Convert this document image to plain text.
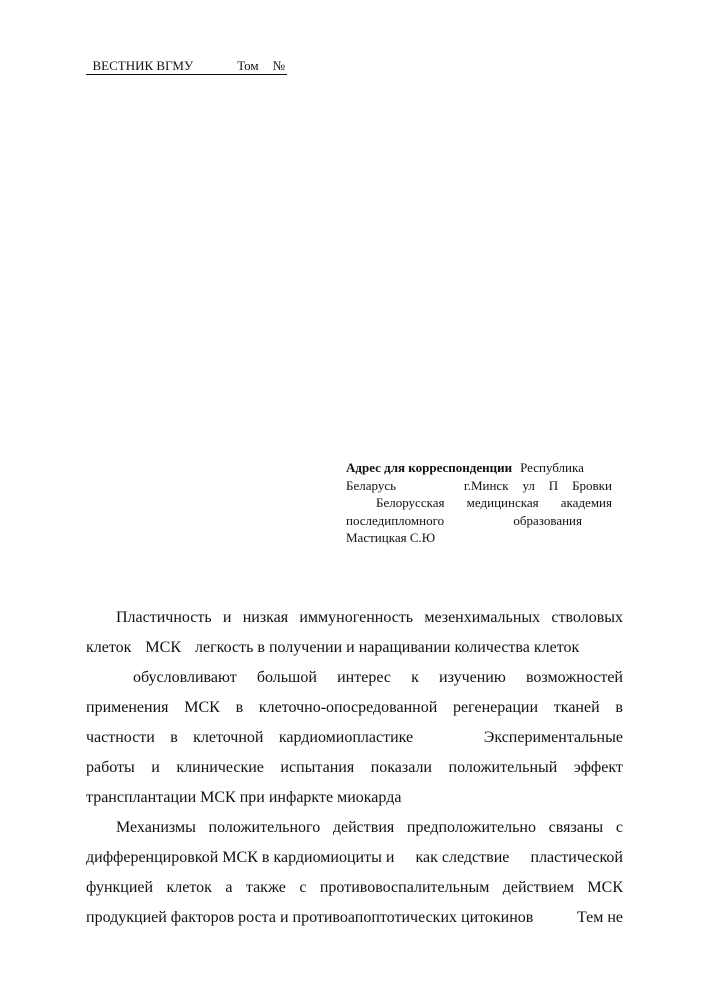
ВЕСТНИК ВГМУ	Том №

Адрес для корреспонденции Республика
Беларусь	г.Минск ул П Бровки
Белорусская медицинская академия
последипломного	образования
Мастицкая С.Ю
Пластичность и низкая иммуногенность мезенхимальных стволовых
клеток МСК легкость в получении и наращивании количества клеток
обусловливают большой интерес к изучению возможностей
применения МСК в клеточно-опосредованной регенерации тканей в
частности в клеточной кардиомиопластике	Экспериментальные
работы и клинические испытания показали положительный эффект
трансплантации МСК при инфаркте миокарда
Механизмы положительного действия предположительно связаны с
дифференцировкой МСК в кардиомиоциты и как следствие пластической
функцией клеток а также с противовоспалительным действием МСК
продукцией факторов роста и противоапоптотических цитокинов	Тем не
